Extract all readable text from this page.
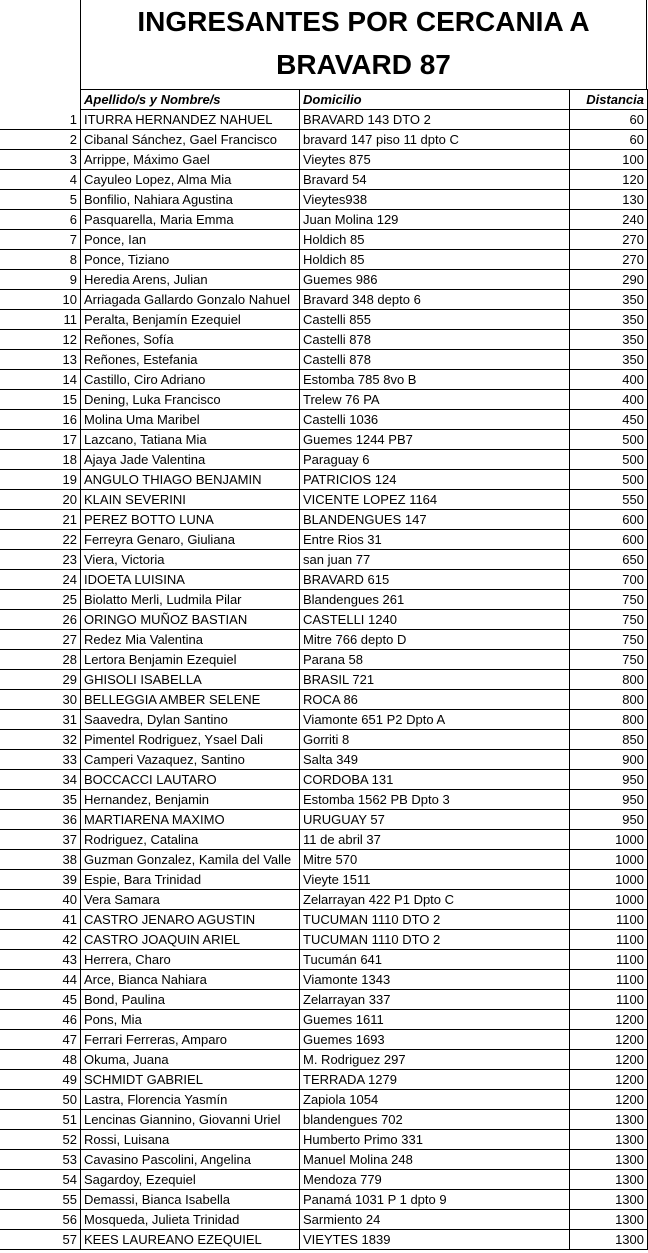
INGRESANTES POR CERCANIA A
BRAVARD 87
	Apellido/s y Nombre/s	Domicilio	Distancia
1	ITURRA HERNANDEZ NAHUEL	BRAVARD 143 DTO 2	60
2	Cibanal Sánchez, Gael Francisco	bravard 147 piso 11 dpto C	60
3	Arrippe, Máximo Gael	Vieytes 875	100
4	Cayuleo Lopez, Alma Mia	Bravard 54	120
5	Bonfilio, Nahiara Agustina	Vieytes938	130
6	Pasquarella, Maria Emma	Juan Molina 129	240
7	Ponce, Ian	Holdich 85	270
8	Ponce, Tiziano	Holdich 85	270
9	Heredia Arens, Julian	Guemes 986	290
10	Arriagada Gallardo Gonzalo Nahuel	Bravard 348 depto 6	350
11	Peralta, Benjamín Ezequiel	Castelli 855	350
12	Reñones, Sofía	Castelli 878	350
13	Reñones, Estefania	Castelli 878	350
14	Castillo, Ciro Adriano	Estomba 785 8vo B	400
15	Dening, Luka Francisco	Trelew 76 PA	400
16	Molina Uma Maribel	Castelli 1036	450
17	Lazcano, Tatiana Mia	Guemes 1244 PB7	500
18	Ajaya Jade Valentina	Paraguay 6	500
19	ANGULO THIAGO BENJAMIN	PATRICIOS 124	500
20	KLAIN SEVERINI	VICENTE LOPEZ 1164	550
21	PEREZ BOTTO LUNA	BLANDENGUES 147	600
22	Ferreyra Genaro, Giuliana	Entre Rios 31	600
23	Viera, Victoria	san juan 77	650
24	IDOETA LUISINA	BRAVARD 615	700
25	Biolatto Merli, Ludmila Pilar	Blandengues 261	750
26	ORINGO MUÑOZ BASTIAN	CASTELLI 1240	750
27	Redez Mia Valentina	Mitre 766 depto D	750
28	Lertora Benjamin Ezequiel	Parana 58	750
29	GHISOLI ISABELLA	BRASIL 721	800
30	BELLEGGIA AMBER SELENE	ROCA 86	800
31	Saavedra, Dylan Santino	Viamonte 651 P2 Dpto A	800
32	Pimentel Rodriguez, Ysael Dali	Gorriti 8	850
33	Camperi Vazaquez, Santino	Salta 349	900
34	BOCCACCI LAUTARO	CORDOBA 131	950
35	Hernandez, Benjamin	Estomba 1562 PB Dpto 3	950
36	MARTIARENA MAXIMO	URUGUAY 57	950
37	Rodriguez, Catalina	11 de abril 37	1000
38	Guzman Gonzalez, Kamila del Valle	Mitre 570	1000
39	Espie, Bara Trinidad	Vieyte 1511	1000
40	Vera Samara	Zelarrayan 422 P1 Dpto C	1000
41	CASTRO JENARO AGUSTIN	TUCUMAN 1110 DTO 2	1100
42	CASTRO JOAQUIN ARIEL	TUCUMAN 1110 DTO 2	1100
43	Herrera, Charo	Tucumán 641	1100
44	Arce, Bianca Nahiara	Viamonte 1343	1100
45	Bond, Paulina	Zelarrayan 337	1100
46	Pons, Mia	Guemes 1611	1200
47	Ferrari Ferreras, Amparo	Guemes 1693	1200
48	Okuma, Juana	M. Rodriguez 297	1200
49	SCHMIDT GABRIEL	TERRADA 1279	1200
50	Lastra, Florencia Yasmín	Zapiola 1054	1200
51	Lencinas Giannino, Giovanni Uriel	blandengues 702	1300
52	Rossi, Luisana	Humberto Primo 331	1300
53	Cavasino Pascolini, Angelina	Manuel Molina 248	1300
54	Sagardoy, Ezequiel	Mendoza 779	1300
55	Demassi, Bianca Isabella	Panamá 1031 P 1 dpto 9	1300
56	Mosqueda, Julieta Trinidad	Sarmiento 24	1300
57	KEES LAUREANO EZEQUIEL	VIEYTES 1839	1300
